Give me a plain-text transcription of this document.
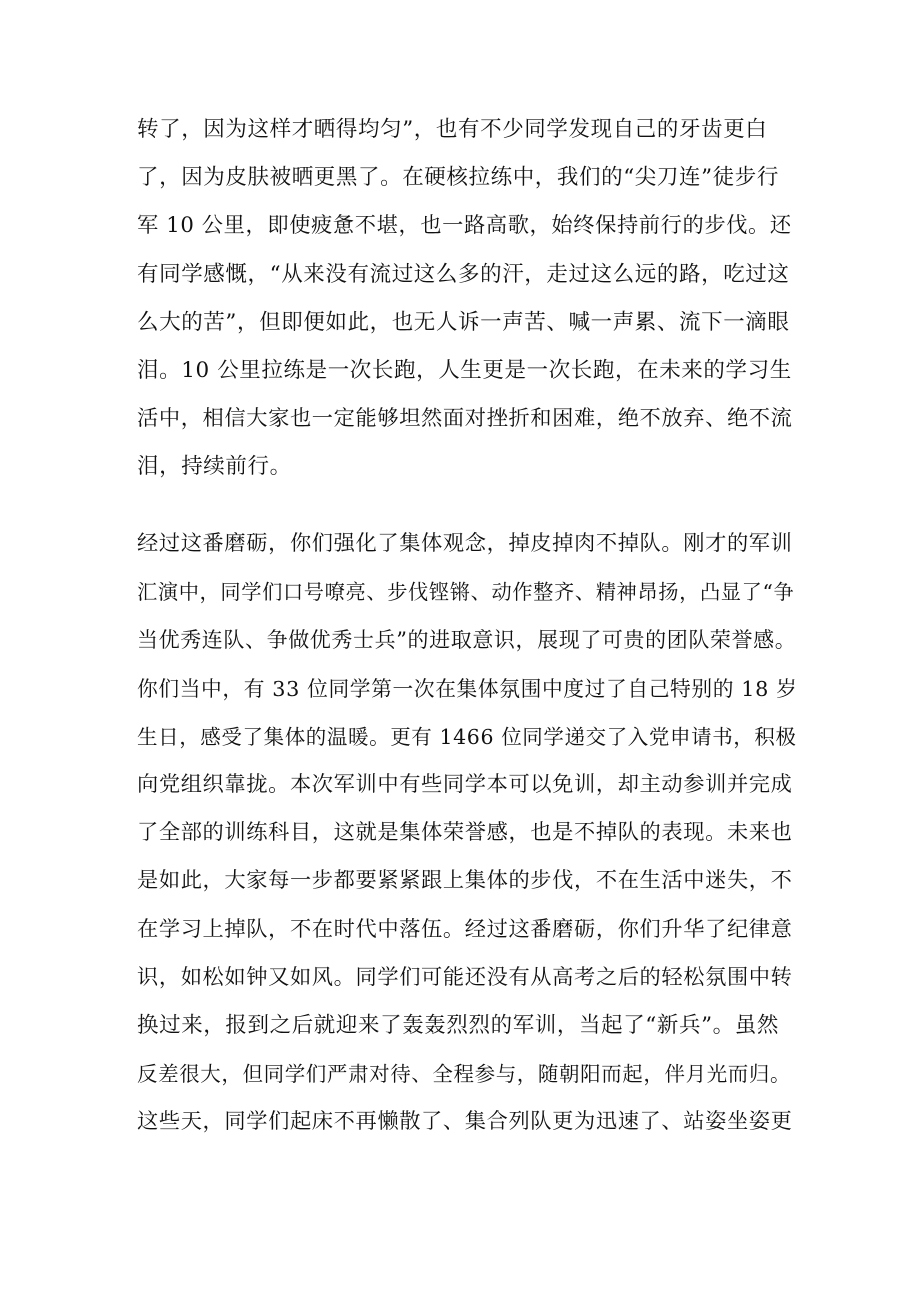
转了，因为这样才晒得均匀”，也有不少同学发现自己的牙齿更白
了，因为皮肤被晒更黑了。在硬核拉练中，我们的“尖刀连”徒步行
军 10 公里，即使疲惫不堪，也一路高歌，始终保持前行的步伐。还
有同学感慨，“从来没有流过这么多的汗，走过这么远的路，吃过这
么大的苦”，但即便如此，也无人诉一声苦、喊一声累、流下一滴眼
泪。10 公里拉练是一次长跑，人生更是一次长跑，在未来的学习生
活中，相信大家也一定能够坦然面对挫折和困难，绝不放弃、绝不流
泪，持续前行。
经过这番磨砺，你们强化了集体观念，掉皮掉肉不掉队。刚才的军训
汇演中，同学们口号嘹亮、步伐铿锵、动作整齐、精神昂扬，凸显了“争
当优秀连队、争做优秀士兵”的进取意识，展现了可贵的团队荣誉感。
你们当中，有 33 位同学第一次在集体氛围中度过了自己特别的 18 岁
生日，感受了集体的温暖。更有 1466 位同学递交了入党申请书，积极
向党组织靠拢。本次军训中有些同学本可以免训，却主动参训并完成
了全部的训练科目，这就是集体荣誉感，也是不掉队的表现。未来也
是如此，大家每一步都要紧紧跟上集体的步伐，不在生活中迷失，不
在学习上掉队，不在时代中落伍。经过这番磨砺，你们升华了纪律意
识，如松如钟又如风。同学们可能还没有从高考之后的轻松氛围中转
换过来，报到之后就迎来了轰轰烈烈的军训，当起了“新兵”。虽然
反差很大，但同学们严肃对待、全程参与，随朝阳而起，伴月光而归。
这些天，同学们起床不再懒散了、集合列队更为迅速了、站姿坐姿更
